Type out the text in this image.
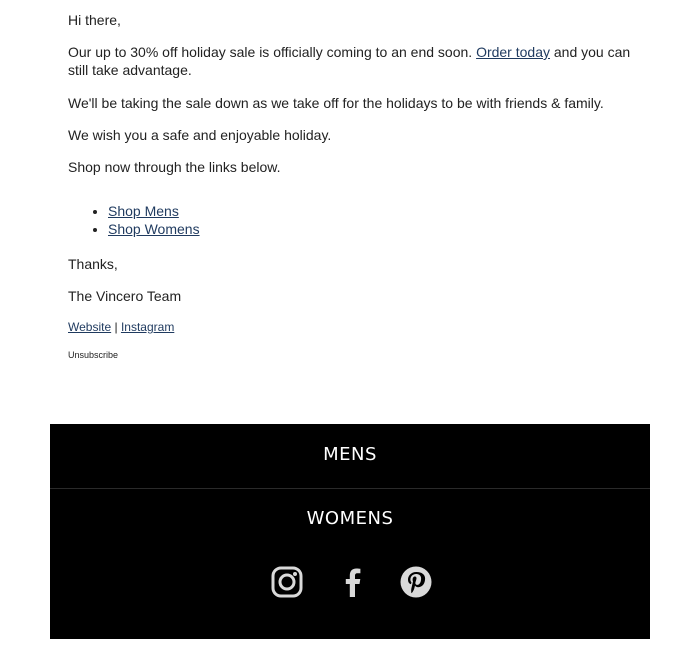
Hi there,

Our up to 30% off holiday sale is officially coming to an end soon. Order today and you can still take advantage.

We'll be taking the sale down as we take off for the holidays to be with friends & family.

We wish you a safe and enjoyable holiday.

Shop now through the links below.

• Shop Mens
• Shop Womens

Thanks,

The Vincero Team

Website | Instagram
Unsubscribe
MENS
WOMENS
